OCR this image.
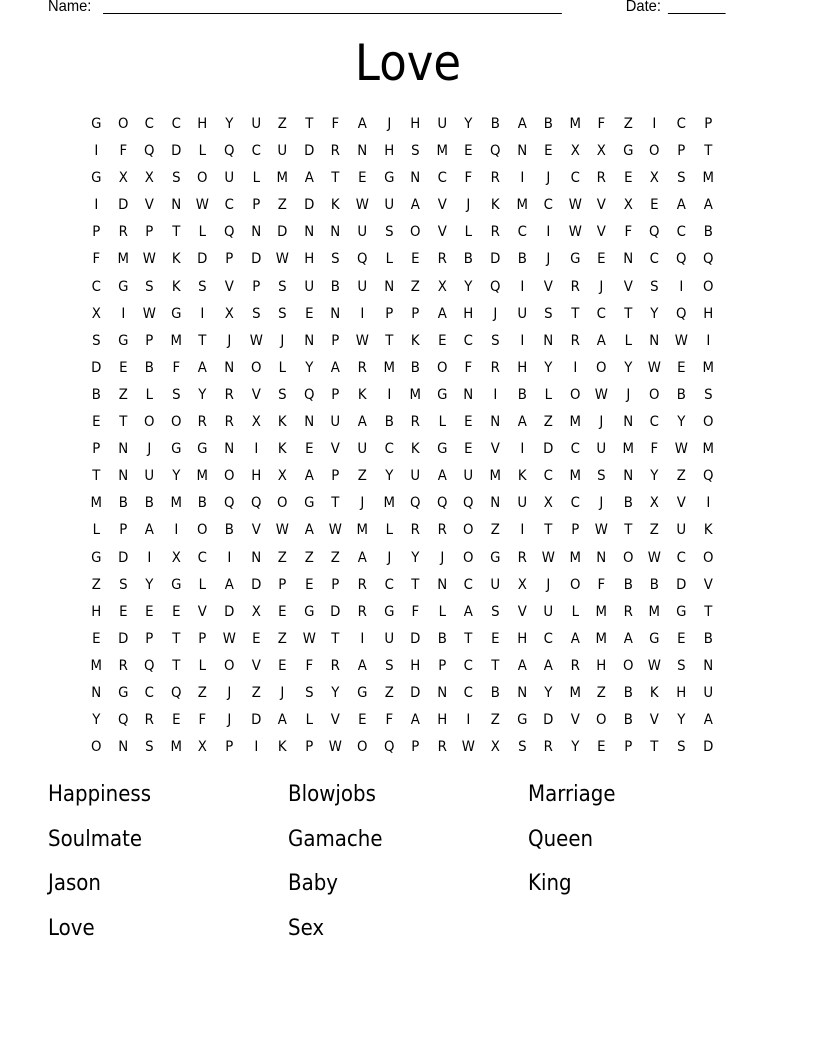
Name: ________________________________________________________	Date: _______
Love
G	O	C	C	H	Y	U	Z	T	F	A	J	H	U	Y	B	A	B	M	F	Z	I	C	P
I	F	Q	D	L	Q	C	U	D	R	N	H	S	M	E	Q	N	E	X	X	G	O	P	T
G	X	X	S	O	U	L	M	A	T	E	G	N	C	F	R	I	J	C	R	E	X	S	M
I	D	V	N	W	C	P	Z	D	K	W	U	A	V	J	K	M	C	W	V	X	E	A	A
P	R	P	T	L	Q	N	D	N	N	U	S	O	V	L	R	C	I	W	V	F	Q	C	B
F	M	W	K	D	P	D	W	H	S	Q	L	E	R	B	D	B	J	G	E	N	C	Q	Q
C	G	S	K	S	V	P	S	U	B	U	N	Z	X	Y	Q	I	V	R	J	V	S	I	O
X	I	W	G	I	X	S	S	E	N	I	P	P	A	H	J	U	S	T	C	T	Y	Q	H
S	G	P	M	T	J	W	J	N	P	W	T	K	E	C	S	I	N	R	A	L	N	W	I
D	E	B	F	A	N	O	L	Y	A	R	M	B	O	F	R	H	Y	I	O	Y	W	E	M
B	Z	L	S	Y	R	V	S	Q	P	K	I	M	G	N	I	B	L	O	W	J	O	B	S
E	T	O	O	R	R	X	K	N	U	A	B	R	L	E	N	A	Z	M	J	N	C	Y	O
P	N	J	G	G	N	I	K	E	V	U	C	K	G	E	V	I	D	C	U	M	F	W	M
T	N	U	Y	M	O	H	X	A	P	Z	Y	U	A	U	M	K	C	M	S	N	Y	Z	Q
M	B	B	M	B	Q	Q	O	G	T	J	M	Q	Q	Q	N	U	X	C	J	B	X	V	I
L	P	A	I	O	B	V	W	A	W	M	L	R	R	O	Z	I	T	P	W	T	Z	U	K
G	D	I	X	C	I	N	Z	Z	Z	A	J	Y	J	O	G	R	W	M	N	O	W	C	O
Z	S	Y	G	L	A	D	P	E	P	R	C	T	N	C	U	X	J	O	F	B	B	D	V
H	E	E	E	V	D	X	E	G	D	R	G	F	L	A	S	V	U	L	M	R	M	G	T
E	D	P	T	P	W	E	Z	W	T	I	U	D	B	T	E	H	C	A	M	A	G	E	B
M	R	Q	T	L	O	V	E	F	R	A	S	H	P	C	T	A	A	R	H	O	W	S	N
N	G	C	Q	Z	J	Z	J	S	Y	G	Z	D	N	C	B	N	Y	M	Z	B	K	H	U
Y	Q	R	E	F	J	D	A	L	V	E	F	A	H	I	Z	G	D	V	O	B	V	Y	A
O	N	S	M	X	P	I	K	P	W	O	Q	P	R	W	X	S	R	Y	E	P	T	S	D
Happiness	Blowjobs	Marriage
Soulmate	Gamache	Queen
Jason	Baby	King
Love	Sex
